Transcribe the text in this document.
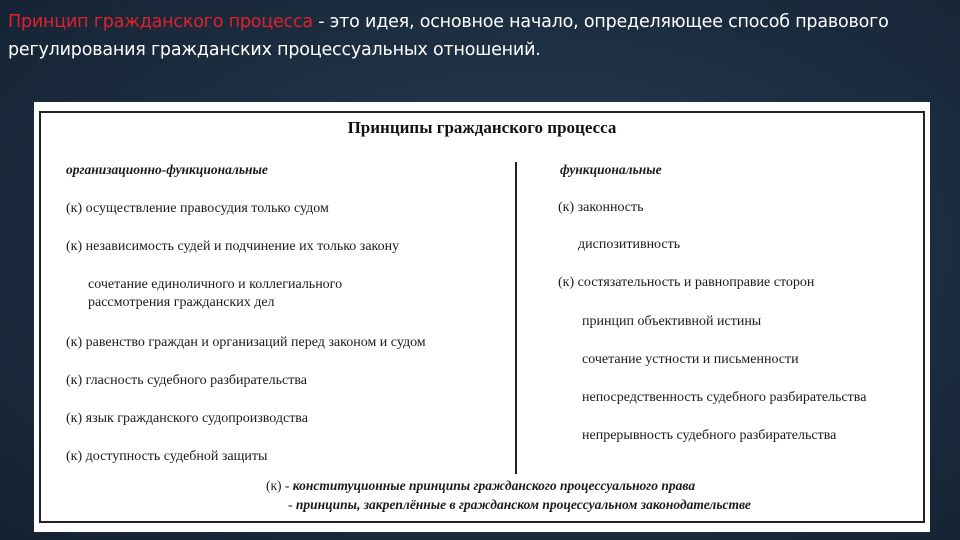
Принцип гражданского процесса - это идея, основное начало, определяющее способ правового регулирования гражданских процессуальных отношений.
Принципы гражданского процесса
организационно-функциональные
(к) осуществление правосудия только судом
(к) независимость судей и подчинение их только закону
сочетание единоличного и коллегиального
рассмотрения гражданских дел
(к) равенство граждан и организаций перед законом и судом
(к) гласность судебного разбирательства
(к) язык гражданского судопроизводства
(к) доступность судебной защиты
функциональные
(к) законность
диспозитивность
(к) состязательность и равноправие сторон
принцип объективной истины
сочетание устности и письменности
непосредственность судебного разбирательства
непрерывность судебного разбирательства
(к) - конституционные принципы гражданского процессуального права
- принципы, закреплённые в гражданском процессуальном законодательстве
